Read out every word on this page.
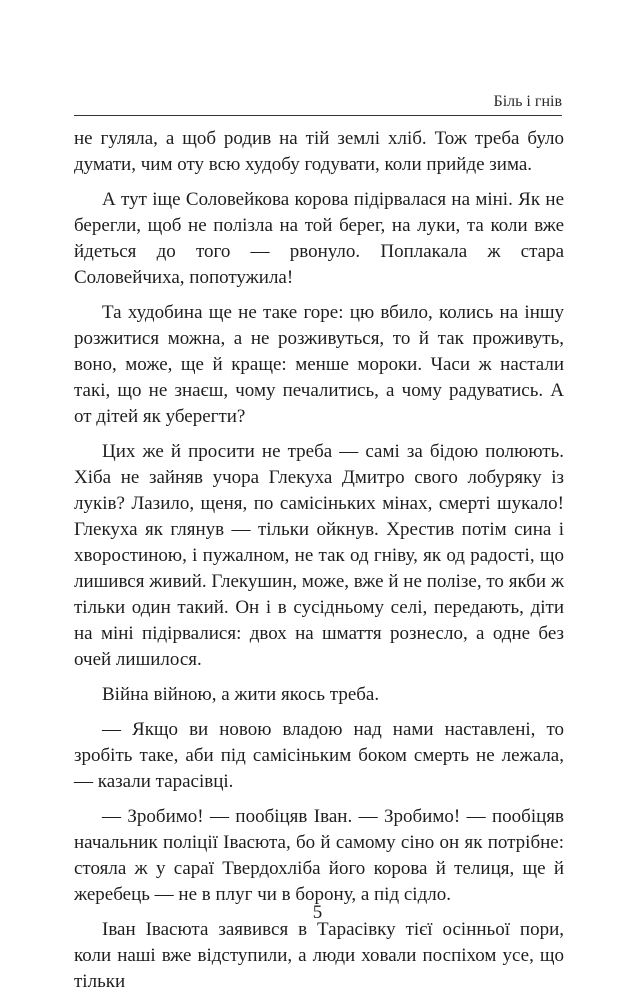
Біль і гнів

не гуляла, а щоб родив на тій землі хліб. Тож треба було думати, чим оту всю худобу годувати, коли прийде зима.

А тут іще Соловейкова корова підірвалася на міні. Як не берегли, щоб не полізла на той берег, на луки, та коли вже йдеться до того — рвонуло. Поплакала ж стара Соловейчиха, попотужила!

Та худобина ще не таке горе: цю вбило, колись на іншу розжитися можна, а не розживуться, то й так проживуть, воно, може, ще й краще: менше мороки. Часи ж настали такі, що не знаєш, чому печалитись, а чому радуватись. А от дітей як уберегти?

Цих же й просити не треба — самі за бідою полюють. Хіба не зайняв учора Глекуха Дмитро свого лобуряку із луків? Лазило, щеня, по самісіньких мінах, смерті шукало! Глекуха як глянув — тільки ойкнув. Хрестив потім сина і хворостиною, і пужалном, не так од гніву, як од радості, що лишився живий. Глекушин, може, вже й не полізе, то якби ж тільки один такий. Он і в сусідньому селі, передають, діти на міні підірвалися: двох на шмаття рознесло, а одне без очей лишилося.

Війна війною, а жити якось треба.

— Якщо ви новою владою над нами наставлені, то зробіть таке, аби під самісіньким боком смерть не лежала, — казали тарасівці.

— Зробимо! — пообіцяв Іван. — Зробимо! — пообіцяв начальник поліції Івасюта, бо й самому сіно он як потрібне: стояла ж у сараї Твердохліба його корова й телиця, ще й жеребець — не в плуг чи в борону, а під сідло.

Іван Івасюта заявився в Тарасівку тієї осінньої пори, коли наші вже відступили, а люди ховали поспіхом усе, що тільки

5
